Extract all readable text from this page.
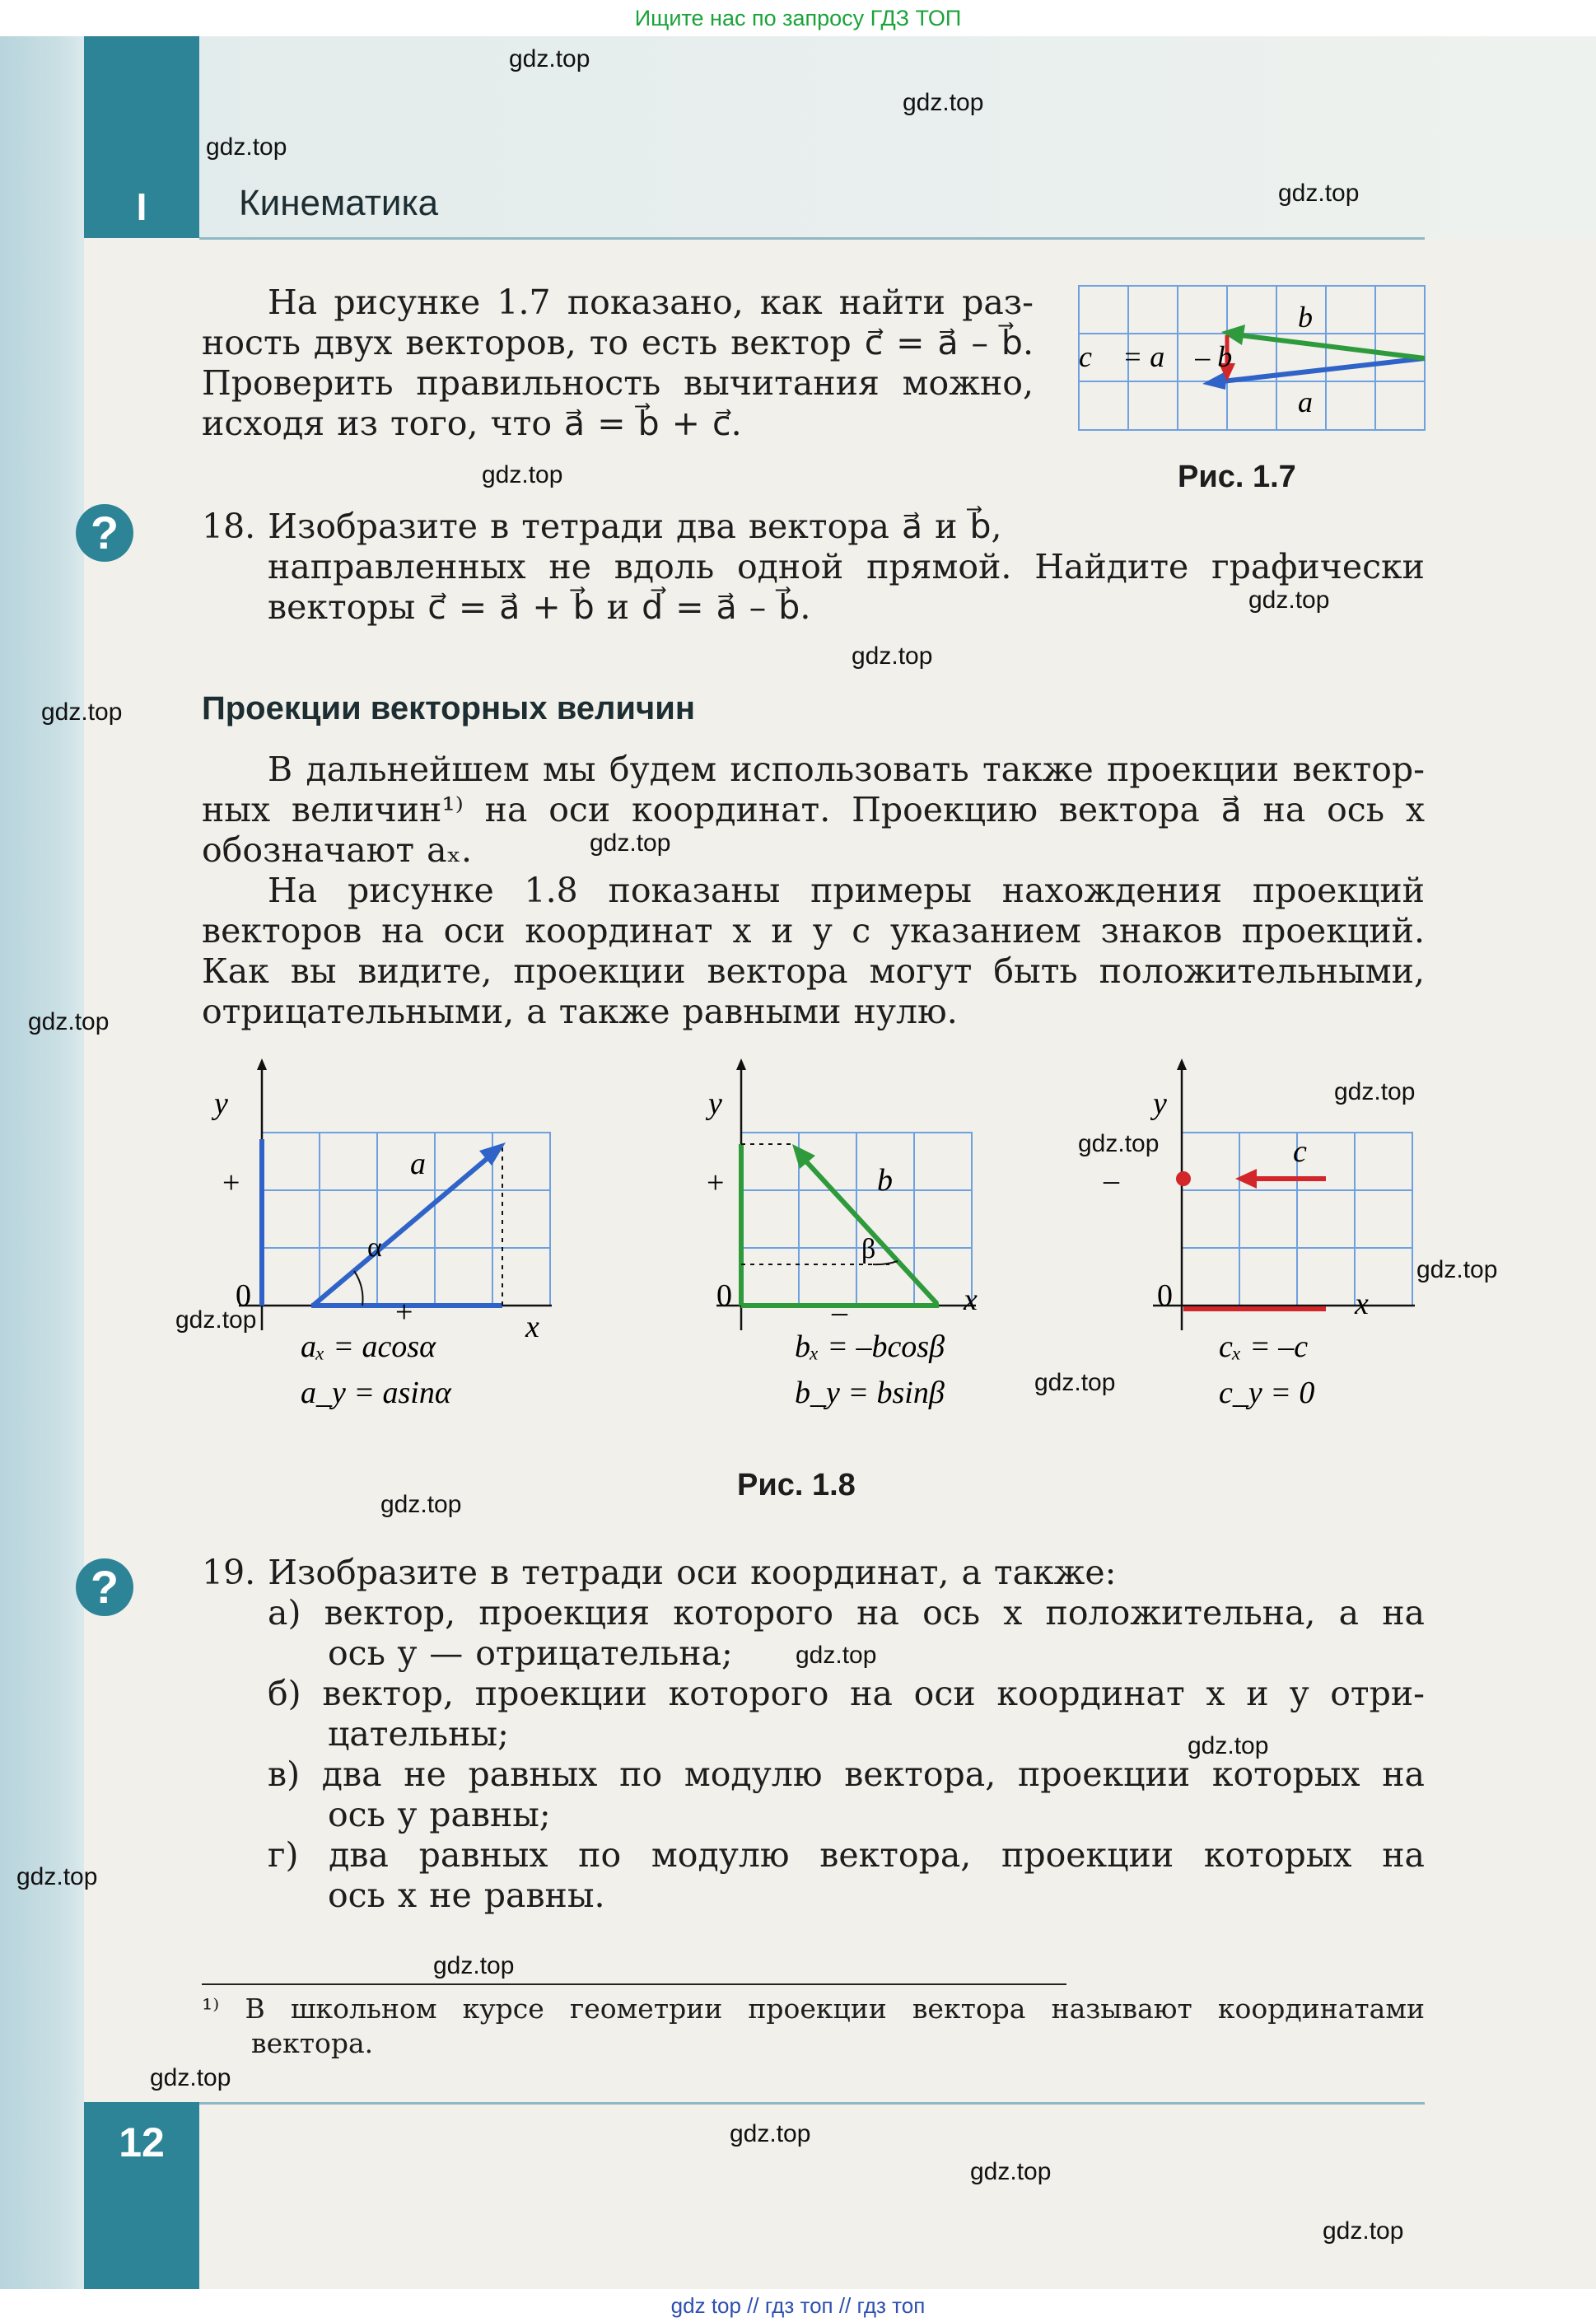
Ищите нас по запросу ГДЗ ТОП
I	Кинематика
На рисунке 1.7 показано, как найти раз-
ность двух векторов, то есть вектор c⃗ = a⃗ – b⃗.
Проверить правильность вычитания можно,
исходя из того, что a⃗ = b⃗ + c⃗.
b⃗
c⃗ = a⃗ – b⃗
a⃗
Рис. 1.7
?	18. Изобразите в тетради два вектора a⃗ и b⃗,
направленных не вдоль одной прямой. Найдите графически
векторы c⃗ = a⃗ + b⃗ и d⃗ = a⃗ – b⃗.
Проекции векторных величин
В дальнейшем мы будем использовать также проекции вектор-
ных величин¹⁾ на оси координат. Проекцию вектора a⃗ на ось x
обозначают aₓ.
На рисунке 1.8 показаны примеры нахождения проекций
векторов на оси координат x и y с указанием знаков проекций.
Как вы видите, проекции вектора могут быть положительными,
отрицательными, а также равными нулю.
y
+
0	+	x
a⃗
α
aₓ = acosα
a_y = asinα
y
+
0	–	x
b⃗
β
bₓ = –bcosβ
b_y = bsinβ
y
0
–
x
c⃗
cₓ = –c
c_y = 0
Рис. 1.8
?	19. Изобразите в тетради оси координат, а также:
а) вектор, проекция которого на ось x положительна, а на
ось y — отрицательна;
б) вектор, проекции которого на оси координат x и y отри-
цательны;
в) два не равных по модулю вектора, проекции которых на
ось y равны;
г) два равных по модулю вектора, проекции которых на
ось x не равны.
¹⁾ В школьном курсе геометрии проекции вектора называют координатами
вектора.
12
gdz.top
gdz.top
gdz.top
gdz.top
gdz.top
gdz.top
gdz.top
gdz.top
gdz.top
gdz.top
gdz.top
gdz.top
gdz.top
gdz.top
gdz.top
gdz.top
gdz.top
gdz.top
gdz.top
gdz.top
gdz.top
gdz.top
gdz.top
gdz.top
gdz top // гдз топ // гдз топ
